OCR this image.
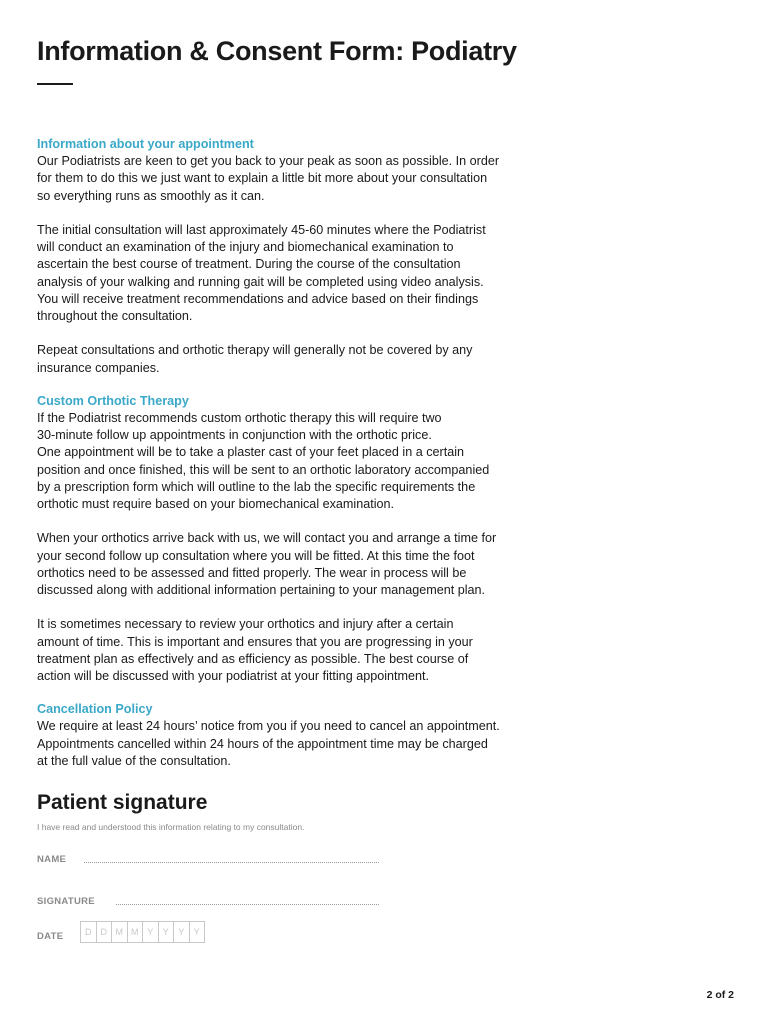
Information & Consent Form: Podiatry
Information about your appointment

Our Podiatrists are keen to get you back to your peak as soon as possible. In order
for them to do this we just want to explain a little bit more about your consultation
so everything runs as smoothly as it can.

The initial consultation will last approximately 45-60 minutes where the Podiatrist
will conduct an examination of the injury and biomechanical examination to
ascertain the best course of treatment. During the course of the consultation
analysis of your walking and running gait will be completed using video analysis.
You will receive treatment recommendations and advice based on their findings
throughout the consultation.

Repeat consultations and orthotic therapy will generally not be covered by any
insurance companies.

Custom Orthotic Therapy

If the Podiatrist recommends custom orthotic therapy this will require two
30-minute follow up appointments in conjunction with the orthotic price.
One appointment will be to take a plaster cast of your feet placed in a certain
position and once finished, this will be sent to an orthotic laboratory accompanied
by a prescription form which will outline to the lab the specific requirements the
orthotic must require based on your biomechanical examination.

When your orthotics arrive back with us, we will contact you and arrange a time for
your second follow up consultation where you will be fitted. At this time the foot
orthotics need to be assessed and fitted properly. The wear in process will be
discussed along with additional information pertaining to your management plan.

It is sometimes necessary to review your orthotics and injury after a certain
amount of time. This is important and ensures that you are progressing in your
treatment plan as effectively and as efficiency as possible. The best course of
action will be discussed with your podiatrist at your fitting appointment.

Cancellation Policy

We require at least 24 hours’ notice from you if you need to cancel an appointment.
Appointments cancelled within 24 hours of the appointment time may be charged
at the full value of the consultation.

Patient signature
I have read and understood this information relating to my consultation.
NAME
SIGNATURE
DATE	D	D M M Y	Y	Y	Y
2 of 2
